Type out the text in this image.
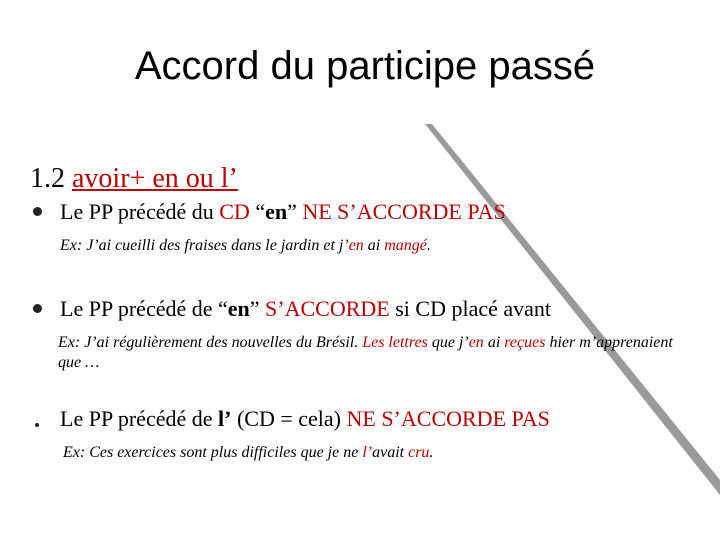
Accord du participe passé
1.2 avoir+ en ou l’
Le PP précédé du CD “en” NE S’ACCORDE PAS
Ex: J’ai cueilli des fraises dans le jardin et j’en ai mangé.
Le PP précédé de “en” S’ACCORDE si CD placé avant
Ex: J’ai régulièrement des nouvelles du Brésil. Les lettres que j’en ai reçues hier m’apprenaient que …
Le PP précédé de l’ (CD = cela) NE S’ACCORDE PAS
Ex: Ces exercices sont plus difficiles que je ne l’avait cru.
